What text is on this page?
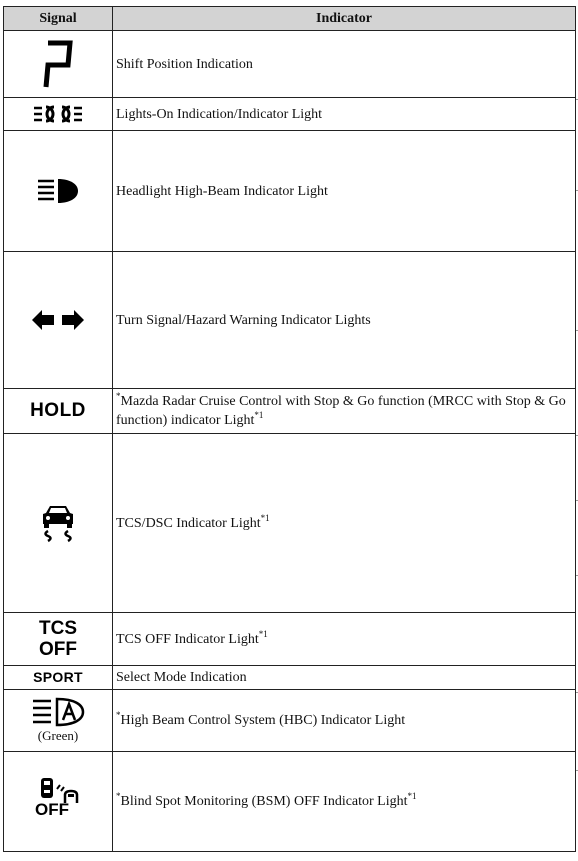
Signal	Indicator

	Shift Position Indication

	Lights-On Indication/Indicator Light

	Headlight High-Beam Indicator Light

	Turn Signal/Hazard Warning Indicator Lights
HOLD	*Mazda Radar Cruise Control with Stop & Go function (MRCC with Stop & Go function) indicator Light$^{*1}$

	TCS/DSC Indicator Light$^{*1}$

TCS
OFF	TCS OFF Indicator Light$^{*1}$
SPORT	Select Mode Indication

(Green)	*High Beam Control System (HBC) Indicator Light

OFF	*Blind Spot Monitoring (BSM) OFF Indicator Light$^{*1}$
